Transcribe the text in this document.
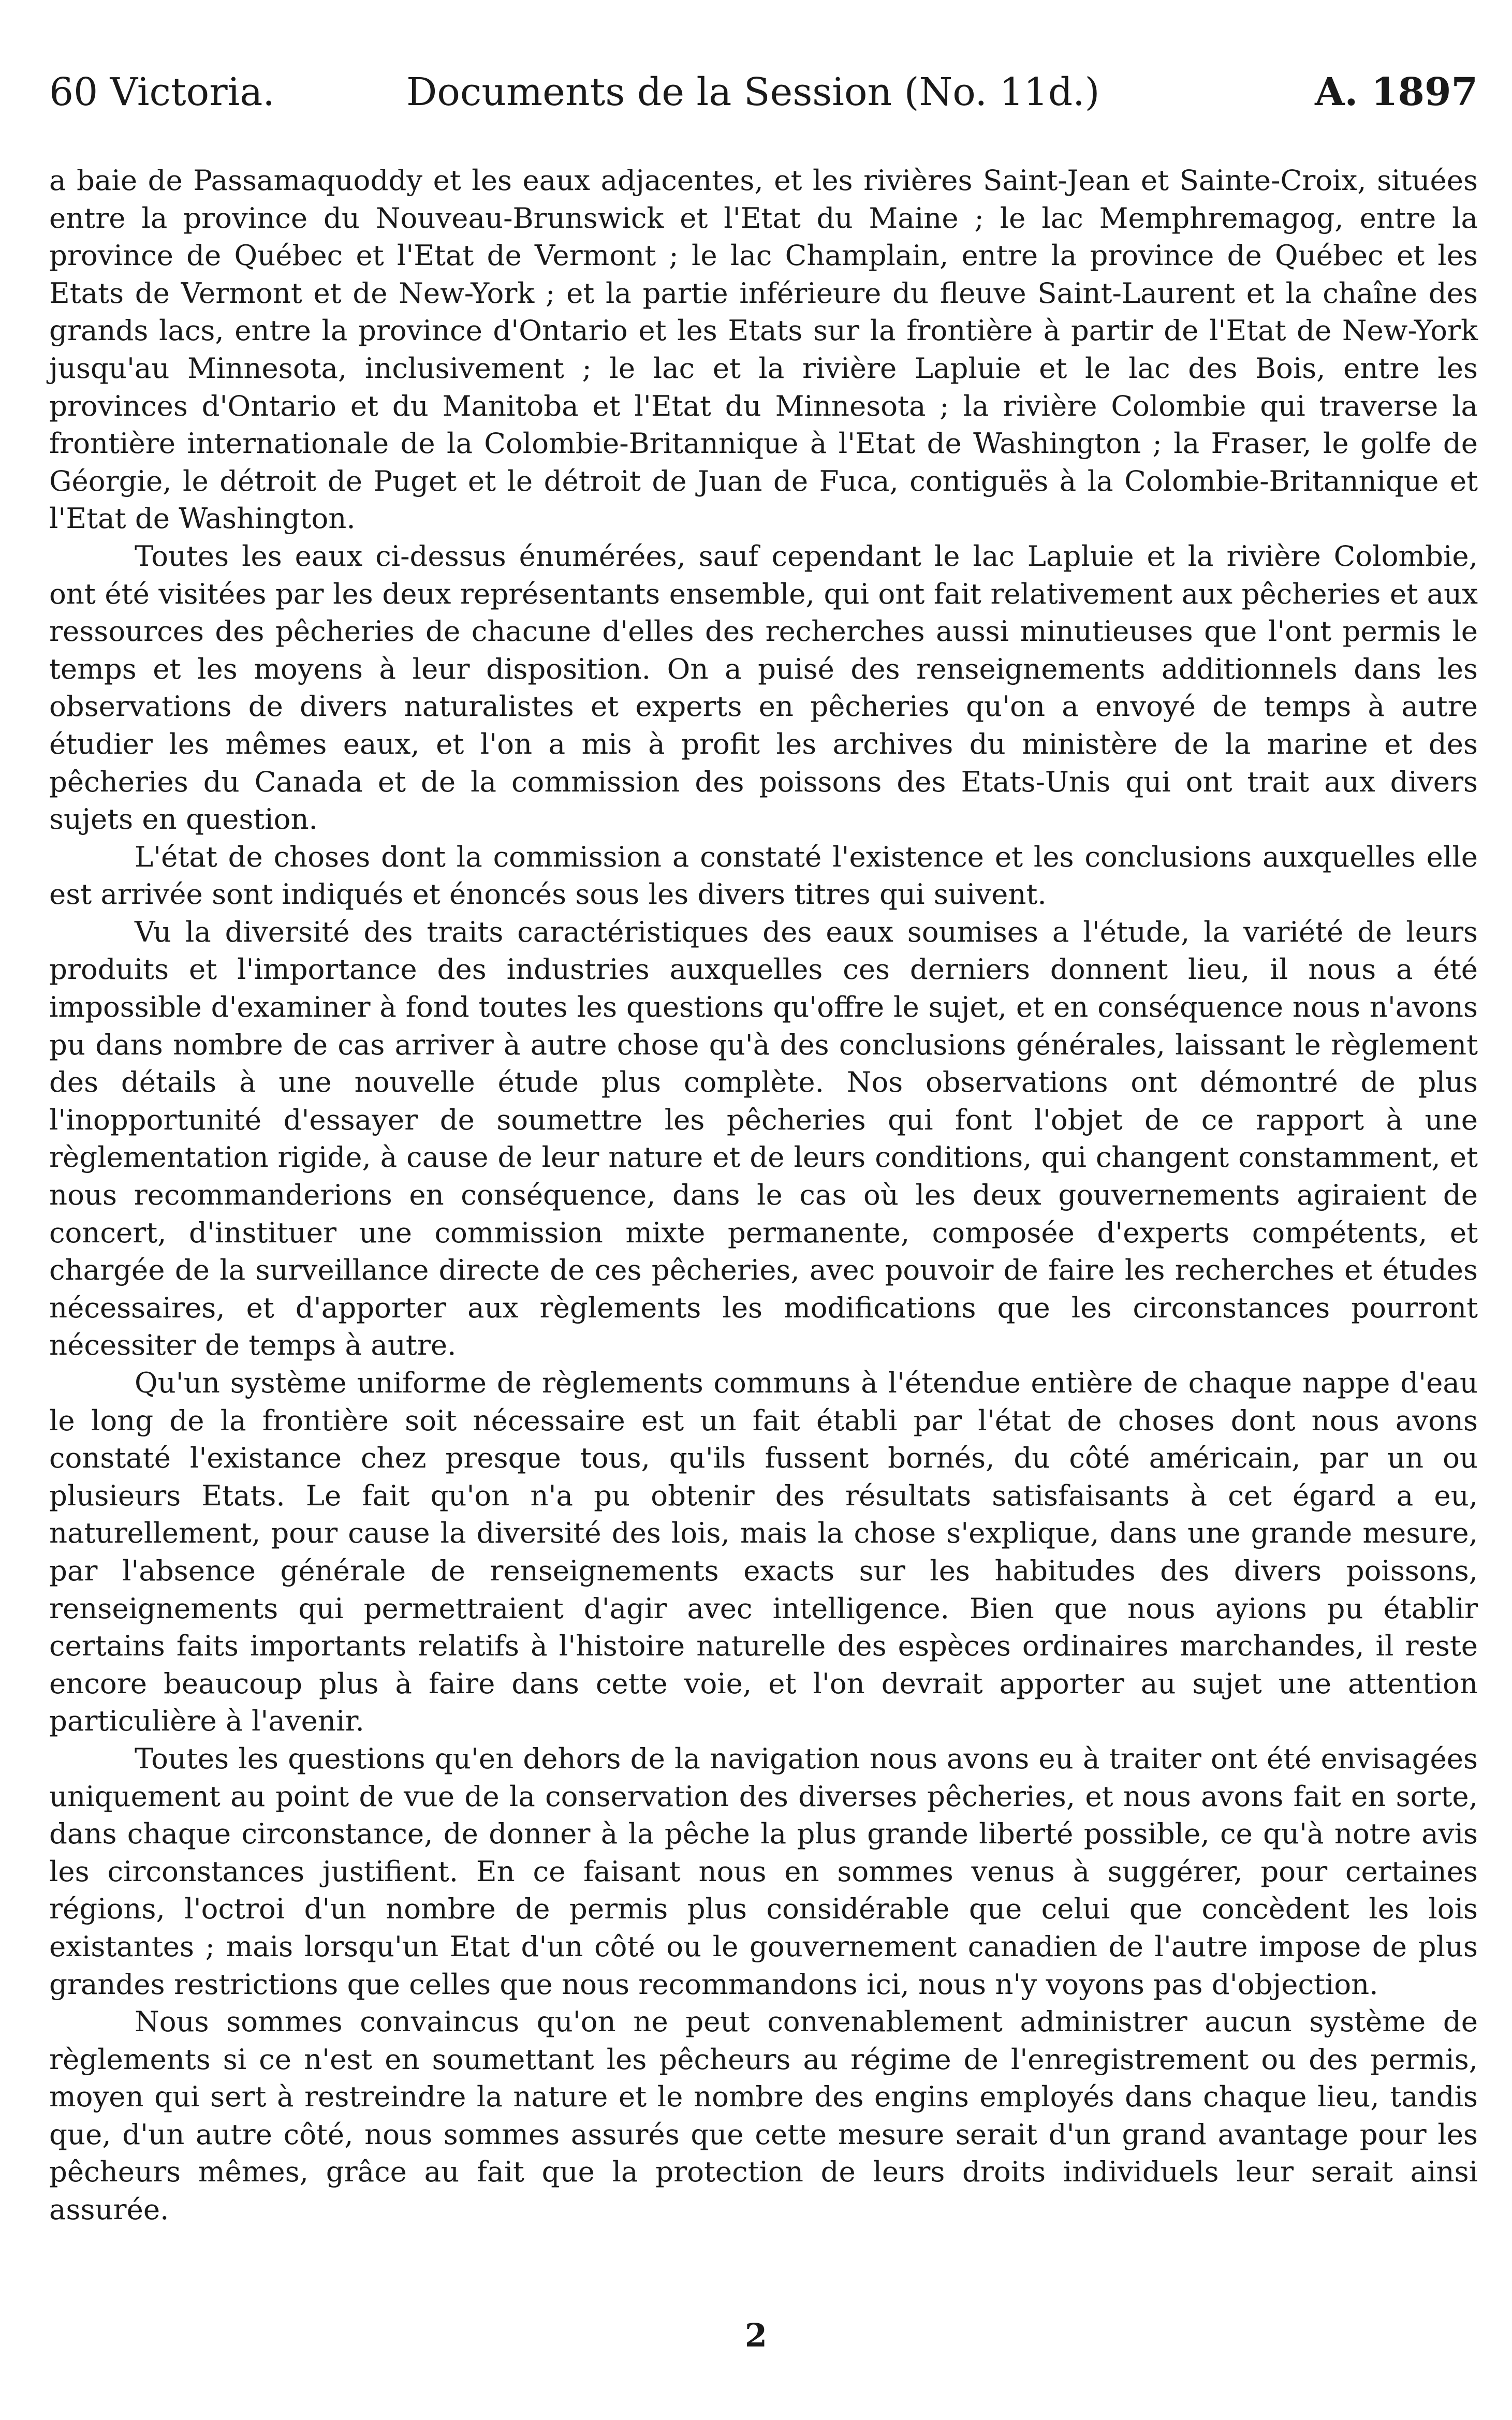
60 Victoria.	Documents de la Session (No. 11d.)	A. 1897

a baie de Passamaquoddy et les eaux adjacentes, et les rivières Saint-Jean et Sainte-Croix, situées entre la province du Nouveau-Brunswick et l'Etat du Maine ; le lac Memphremagog, entre la province de Québec et l'Etat de Vermont ; le lac Champlain, entre la province de Québec et les Etats de Vermont et de New-York ; et la partie inférieure du fleuve Saint-Laurent et la chaîne des grands lacs, entre la province d'Ontario et les Etats sur la frontière à partir de l'Etat de New-York jusqu'au Minnesota, inclusivement ; le lac et la rivière Lapluie et le lac des Bois, entre les provinces d'Ontario et du Manitoba et l'Etat du Minnesota ; la rivière Colombie qui traverse la frontière internationale de la Colombie-Britannique à l'Etat de Washington ; la Fraser, le golfe de Géorgie, le détroit de Puget et le détroit de Juan de Fuca, contiguës à la Colombie-Britannique et l'Etat de Washington.

Toutes les eaux ci-dessus énumérées, sauf cependant le lac Lapluie et la rivière Colombie, ont été visitées par les deux représentants ensemble, qui ont fait relativement aux pêcheries et aux ressources des pêcheries de chacune d'elles des recherches aussi minutieuses que l'ont permis le temps et les moyens à leur disposition. On a puisé des renseignements additionnels dans les observations de divers naturalistes et experts en pêcheries qu'on a envoyé de temps à autre étudier les mêmes eaux, et l'on a mis à profit les archives du ministère de la marine et des pêcheries du Canada et de la commission des poissons des Etats-Unis qui ont trait aux divers sujets en question.

L'état de choses dont la commission a constaté l'existence et les conclusions auxquelles elle est arrivée sont indiqués et énoncés sous les divers titres qui suivent.

Vu la diversité des traits caractéristiques des eaux soumises a l'étude, la variété de leurs produits et l'importance des industries auxquelles ces derniers donnent lieu, il nous a été impossible d'examiner à fond toutes les questions qu'offre le sujet, et en conséquence nous n'avons pu dans nombre de cas arriver à autre chose qu'à des conclusions générales, laissant le règlement des détails à une nouvelle étude plus complète. Nos observations ont démontré de plus l'inopportunité d'essayer de soumettre les pêcheries qui font l'objet de ce rapport à une règlementation rigide, à cause de leur nature et de leurs conditions, qui changent constamment, et nous recommanderions en conséquence, dans le cas où les deux gouvernements agiraient de concert, d'instituer une commission mixte permanente, composée d'experts compétents, et chargée de la surveillance directe de ces pêcheries, avec pouvoir de faire les recherches et études nécessaires, et d'apporter aux règlements les modifications que les circonstances pourront nécessiter de temps à autre.

Qu'un système uniforme de règlements communs à l'étendue entière de chaque nappe d'eau le long de la frontière soit nécessaire est un fait établi par l'état de choses dont nous avons constaté l'existance chez presque tous, qu'ils fussent bornés, du côté américain, par un ou plusieurs Etats. Le fait qu'on n'a pu obtenir des résultats satisfaisants à cet égard a eu, naturellement, pour cause la diversité des lois, mais la chose s'explique, dans une grande mesure, par l'absence générale de renseignements exacts sur les habitudes des divers poissons, renseignements qui permettraient d'agir avec intelligence. Bien que nous ayions pu établir certains faits importants relatifs à l'histoire naturelle des espèces ordinaires marchandes, il reste encore beaucoup plus à faire dans cette voie, et l'on devrait apporter au sujet une attention particulière à l'avenir.

Toutes les questions qu'en dehors de la navigation nous avons eu à traiter ont été envisagées uniquement au point de vue de la conservation des diverses pêcheries, et nous avons fait en sorte, dans chaque circonstance, de donner à la pêche la plus grande liberté possible, ce qu'à notre avis les circonstances justifient. En ce faisant nous en sommes venus à suggérer, pour certaines régions, l'octroi d'un nombre de permis plus considérable que celui que concèdent les lois existantes ; mais lorsqu'un Etat d'un côté ou le gouvernement canadien de l'autre impose de plus grandes restrictions que celles que nous recommandons ici, nous n'y voyons pas d'objection.

Nous sommes convaincus qu'on ne peut convenablement administrer aucun système de règlements si ce n'est en soumettant les pêcheurs au régime de l'enregistrement ou des permis, moyen qui sert à restreindre la nature et le nombre des engins employés dans chaque lieu, tandis que, d'un autre côté, nous sommes assurés que cette mesure serait d'un grand avantage pour les pêcheurs mêmes, grâce au fait que la protection de leurs droits individuels leur serait ainsi assurée.

2
